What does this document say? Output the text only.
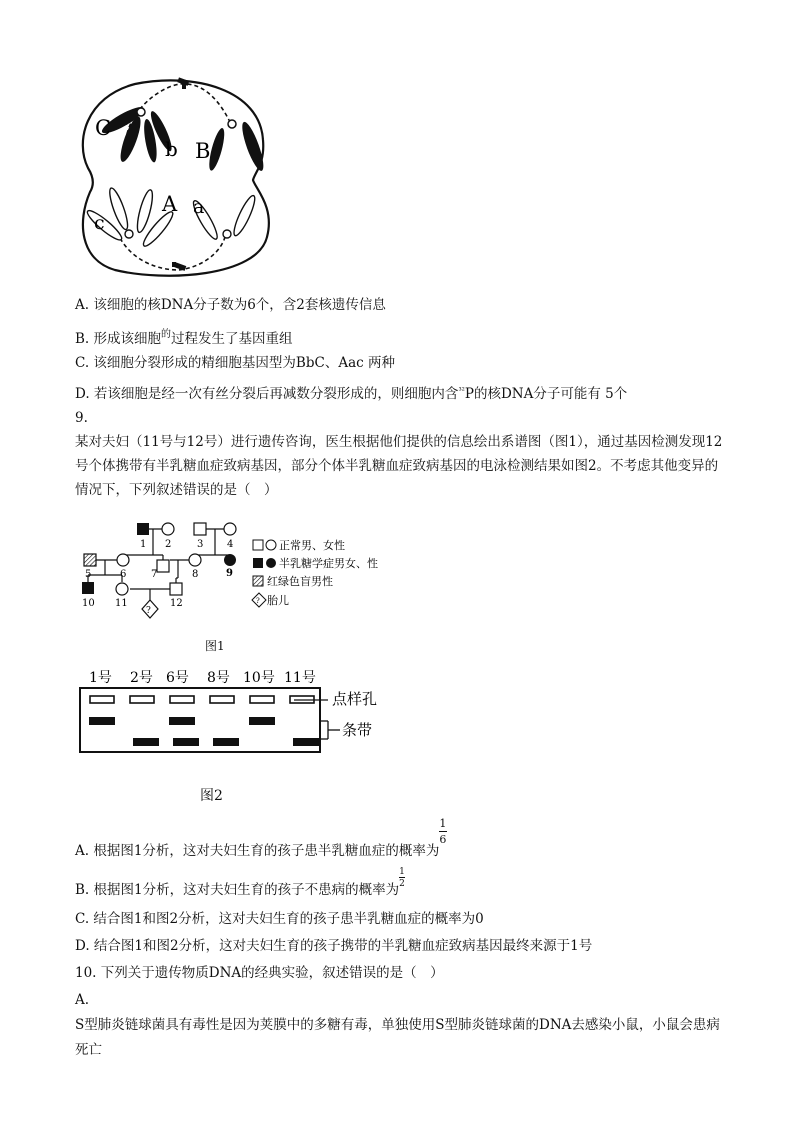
C
b B
c
A a
A. 该细胞的核DNA分子数为6个，含2套核遗传信息
B. 形成该细胞$^的$过程发生了基因重组
C. 该细胞分裂形成的精细胞基因型为BbC、Aac 两种
D. 若该细胞是经一次有丝分裂后再减数分裂形成的，则细胞内含$^{^{32}}$P的核DNA分子可能有 5个
9.
某对夫妇（11号与12号）进行遗传咨询，医生根据他们提供的信息绘出系谱图（图1），通过基因检测发现12号个体携带有半乳糖血症致病基因，部分个体半乳糖血症致病基因的电泳检测结果如图2。不考虑其他变异的情况下，下列叙述错误的是（　）
1 2	3 4
5	6 7	8	9
10 11	12
?
正常男、女性
半乳糖学症男女、性
红绿色盲男性
? 胎儿
图1
1号 2号 6号 8号 10号 11号
点样孔
条带
图2
A. 根据图1分析，这对夫妇生育的孩子患半乳糖血症的概率为
$\frac{1}{6}$
B. 根据图1分析，这对夫妇生育的孩子不患病的概率为
$\frac{1}{2}$
C. 结合图1和图2分析，这对夫妇生育的孩子患半乳糖血症的概率为0
D. 结合图1和图2分析，这对夫妇生育的孩子携带的半乳糖血症致病基因最终来源于1号
10. 下列关于遗传物质DNA的经典实验，叙述错误的是（　）
A.
S型肺炎链球菌具有毒性是因为荚膜中的多糖有毒，单独使用S型肺炎链球菌的DNA去感染小鼠，小鼠会患病死亡
